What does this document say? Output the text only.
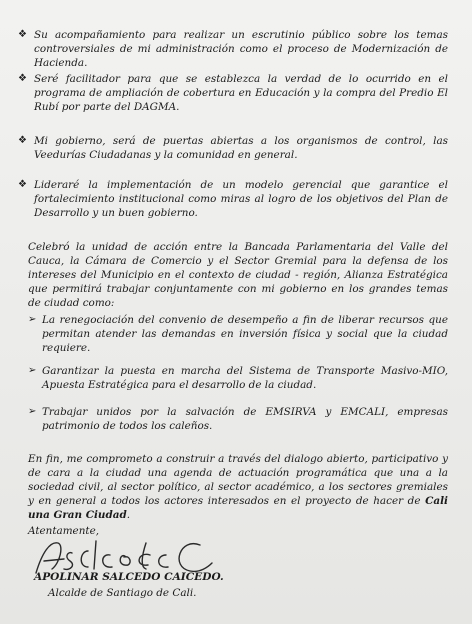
❖ Su acompañamiento para realizar un escrutinio público sobre los temas controversiales de mi administración como el proceso de Modernización de Hacienda.
❖ Seré facilitador para que se establezca la verdad de lo ocurrido en el programa de ampliación de cobertura en Educación y la compra del Predio El Rubí por parte del DAGMA.
❖ Mi gobierno, será de puertas abiertas a los organismos de control, las Veedurías Ciudadanas y la comunidad en general.
❖ Lideraré la implementación de un modelo gerencial que garantice el fortalecimiento institucional como miras al logro de los objetivos del Plan de Desarrollo y un buen gobierno.
Celebró la unidad de acción entre la Bancada Parlamentaria del Valle del Cauca, la Cámara de Comercio y el Sector Gremial para la defensa de los intereses del Municipio en el contexto de ciudad - región, Alianza Estratégica que permitirá trabajar conjuntamente con mi gobierno en los grandes temas de ciudad como:
➢ La renegociación del convenio de desempeño a fin de liberar recursos que permitan atender las demandas en inversión física y social que la ciudad requiere.
➢ Garantizar la puesta en marcha del Sistema de Transporte Masivo-MIO, Apuesta Estratégica para el desarrollo de la ciudad.
➢ Trabajar unidos por la salvación de EMSIRVA y EMCALI, empresas patrimonio de todos los caleños.
En fin, me comprometo a construir a través del dialogo abierto, participativo y de cara a la ciudad una agenda de actuación programática que una a la sociedad civil, al sector político, al sector académico, a los sectores gremiales y en general a todos los actores interesados en el proyecto de hacer de Cali una Gran Ciudad.
Atentamente,
APOLINAR SALCEDO CAICEDO.
Alcalde de Santiago de Cali.
